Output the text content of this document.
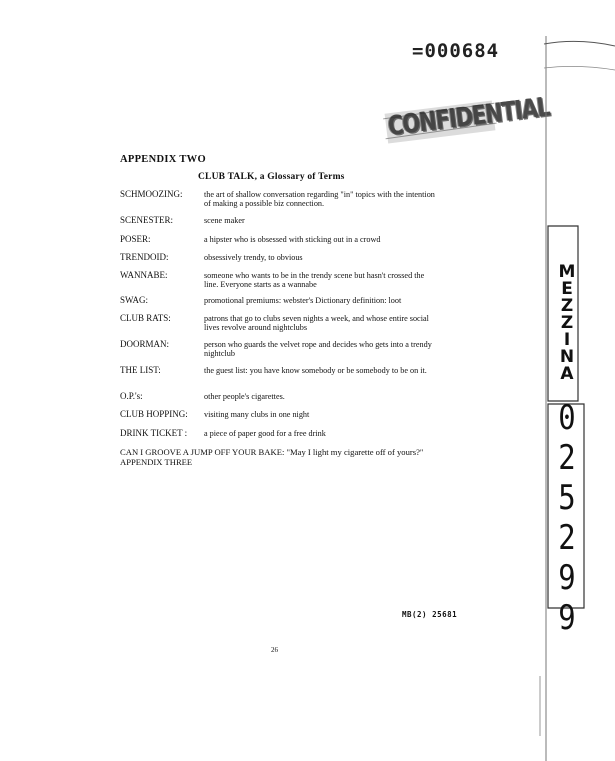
=000684
CONFIDENTIAL
APPENDIX TWO
CLUB TALK, a Glossary of Terms
SCHMOOZING:	the art of shallow conversation regarding "in" topics with the intention of making a possible biz connection.
SCENESTER:	scene maker
POSER:	a hipster who is obsessed with sticking out in a crowd
TRENDOID:	obsessively trendy, to obvious
WANNABE:	someone who wants to be in the trendy scene but hasn't crossed the line. Everyone starts as a wannabe
SWAG:	promotional premiums: webster's Dictionary definition: loot
CLUB RATS:	patrons that go to clubs seven nights a week, and whose entire social lives revolve around nightclubs
DOORMAN:	person who guards the velvet rope and decides who gets into a trendy nightclub
THE LIST:	the guest list: you have know somebody or be somebody to be on it.
O.P.'s:	other people's cigarettes.
CLUB HOPPING:	visiting many clubs in one night
DRINK TICKET :	a piece of paper good for a free drink
CAN I GROOVE A JUMP OFF YOUR BAKE: "May I light my cigarette off of yours?"
APPENDIX THREE
MB(2) 25681
26
M
E
Z
Z
I
N
A
0
2
5
2
9
9
